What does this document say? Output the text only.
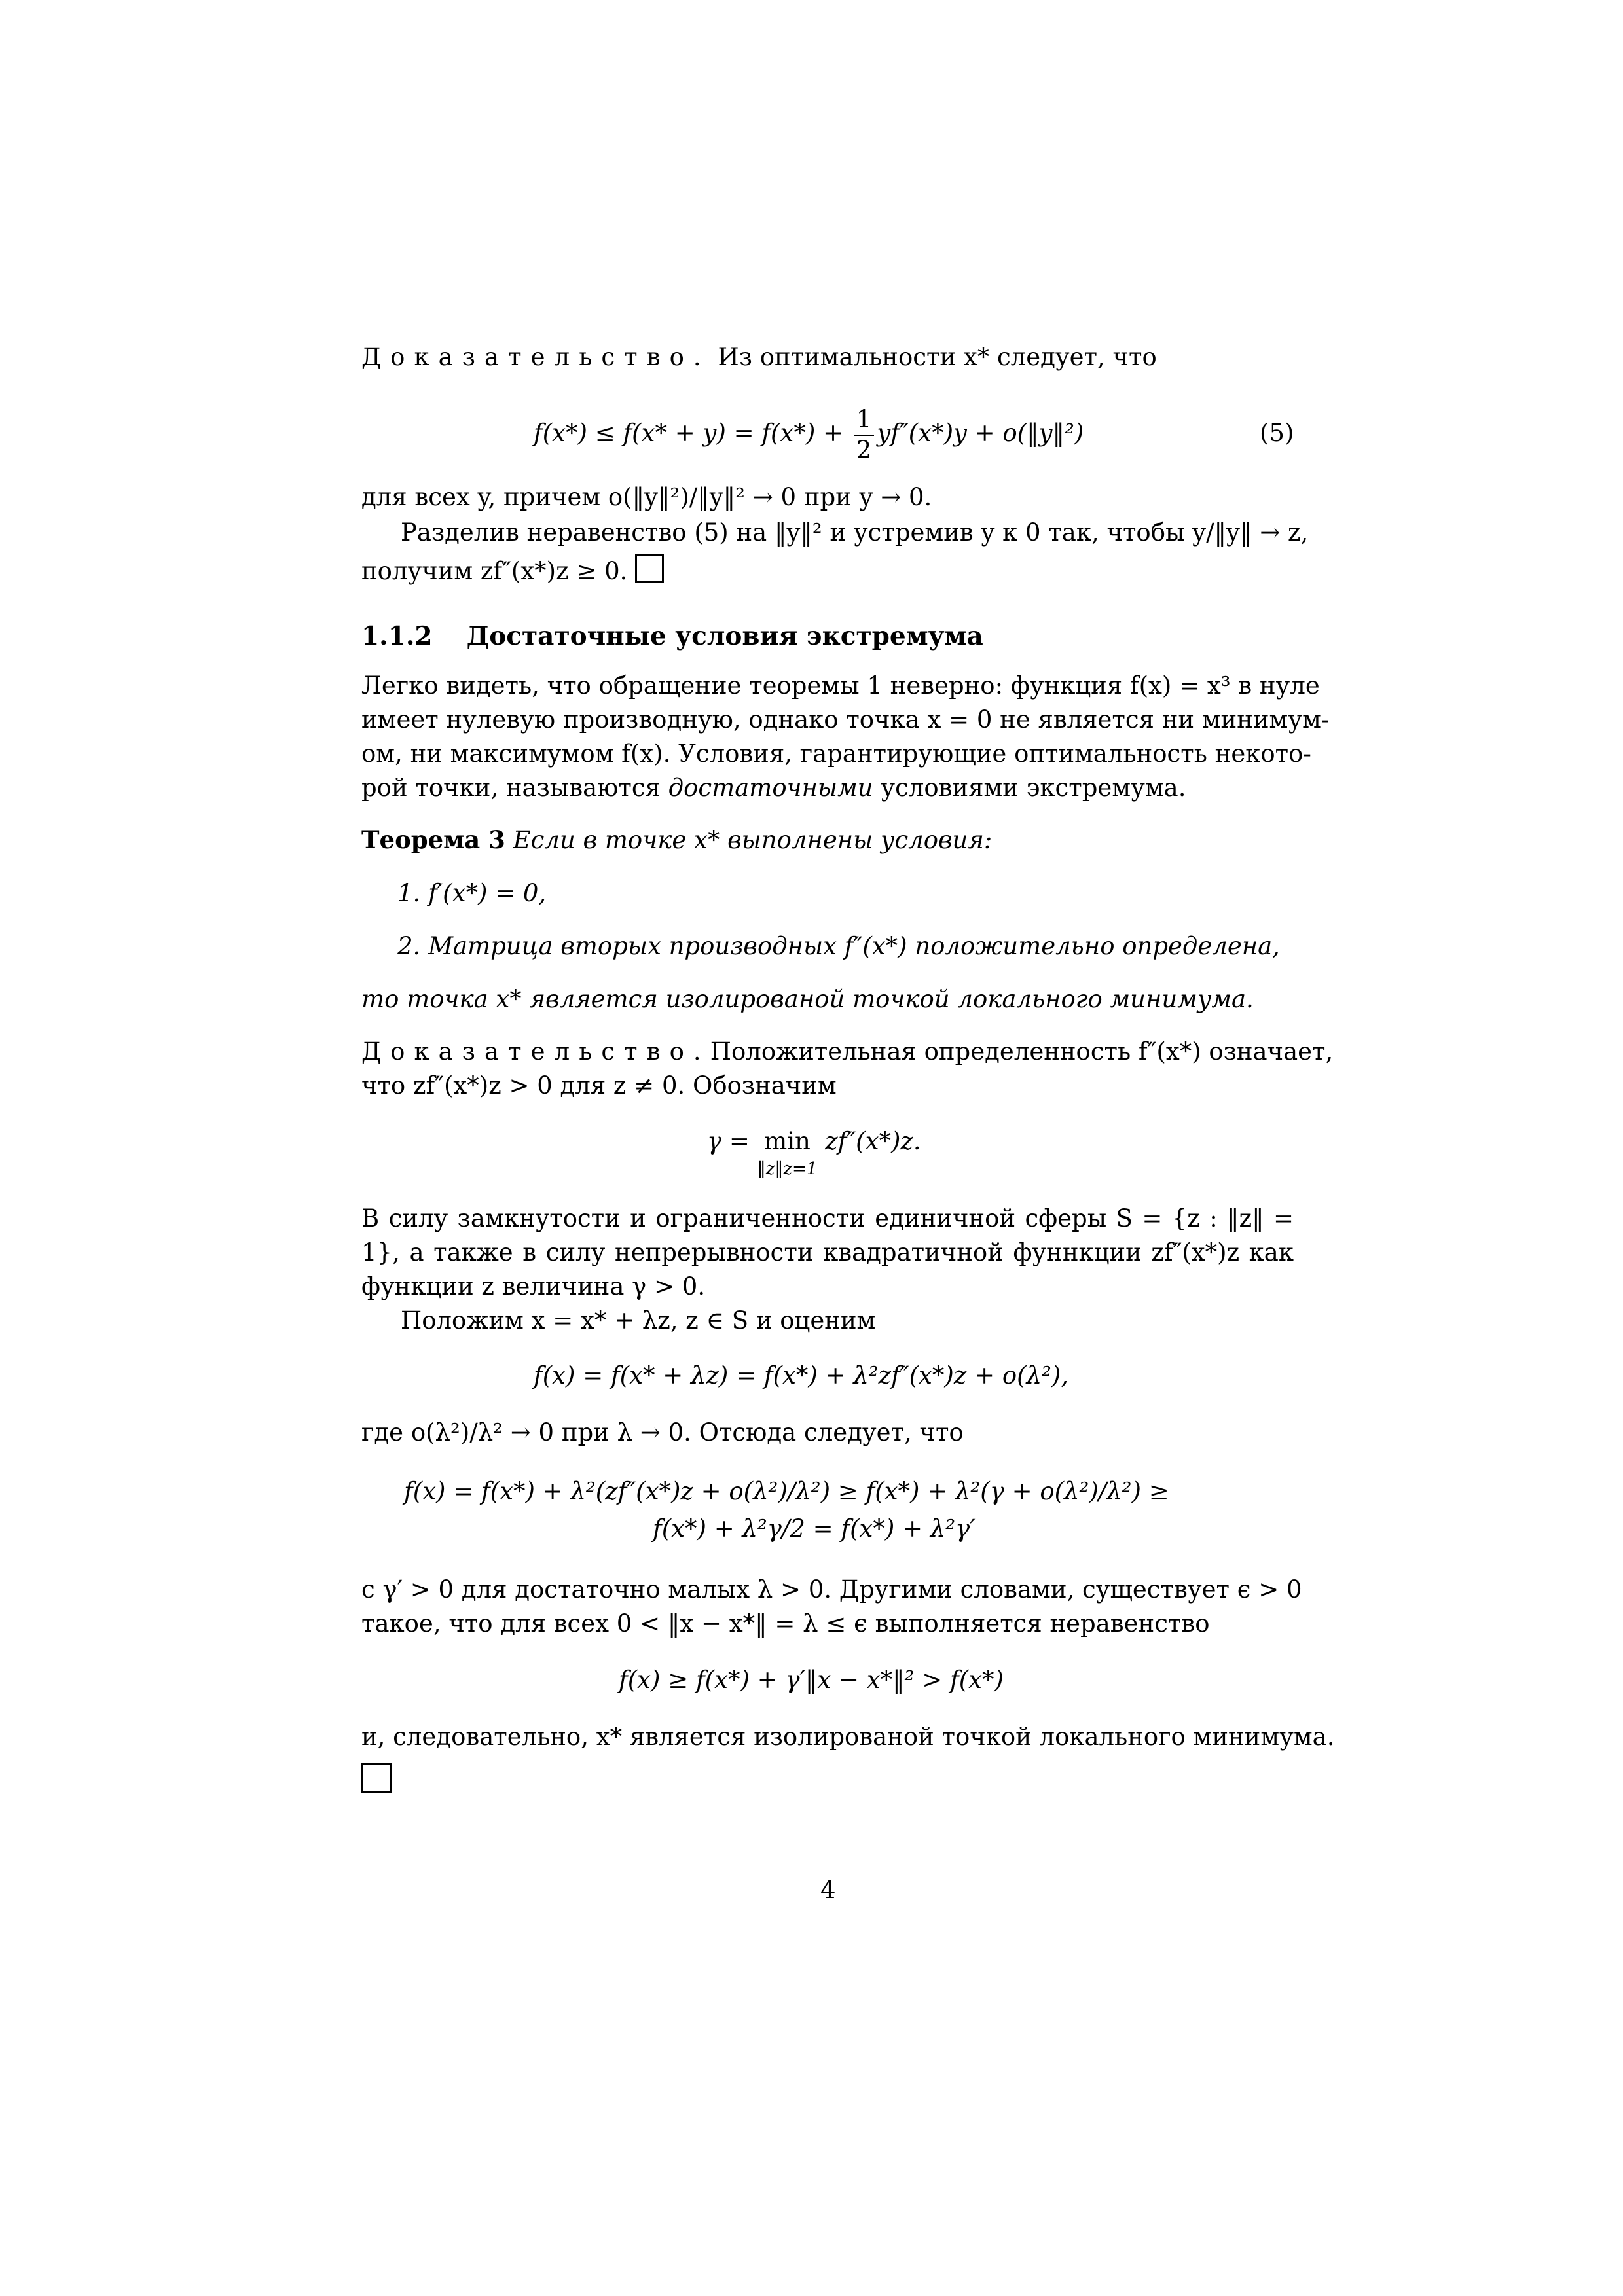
Доказательство. Из оптимальности x* следует, что
$f(x*) \le f(x* + y) = f(x*) + \frac{1}{2} yf''(x*)y$ + o(‖y‖²)	(5)
для всех y, причем o(‖y‖²)/‖y‖² → 0 при y → 0.
Разделив неравенство (5) на ‖y‖² и устремив y к 0 так, чтобы y/‖y‖ → z,
получим zf″(x*)z ≥ 0.
1.1.2 Достаточные условия экстремума
Легко видеть, что обращение теоремы 1 неверно: функция f(x) = x³ в нуле
имеет нулевую производную, однако точка x = 0 не является ни минимум-
ом, ни максимумом f(x). Условия, гарантирующие оптимальность некото-
рой точки, называются достаточными условиями экстремума.
Теорема 3 Если в точке x* выполнены условия:
1. f′(x*) = 0,
2. Матрица вторых производных f″(x*) положительно определена,
то точка x* является изолированой точкой локального минимума.
Доказательство. Положительная определенность f″(x*) означает,
что zf″(x*)z > 0 для z ≠ 0. Обозначим
γ = min
‖z‖z=1
zf″(x*)z.
В силу замкнутости и ограниченности единичной сферы S = {z : ‖z‖ =
1}, а также в силу непрерывности квадратичной фуннкции zf″(x*)z как
функции z величина γ > 0.
Положим x = x* + λz, z ∈ S и оценим
f(x) = f(x* + λz) = f(x*) + λ²zf″(x*)z + o(λ²),
где o(λ²)/λ² → 0 при λ → 0. Отсюда следует, что
f(x) = f(x*) + λ²(zf″(x*)z + o(λ²)/λ²) ≥ f(x*) + λ²(γ + o(λ²)/λ²) ≥
f(x*) + λ²γ/2 = f(x*) + λ²γ′
с γ′ > 0 для достаточно малых λ > 0. Другими словами, существует ϵ > 0
такое, что для всех 0 < ‖x − x*‖ = λ ≤ ϵ выполняется неравенство
f(x) ≥ f(x*) + γ′‖x − x*‖² > f(x*)
и, следовательно, x* является изолированой точкой локального минимума.
4
